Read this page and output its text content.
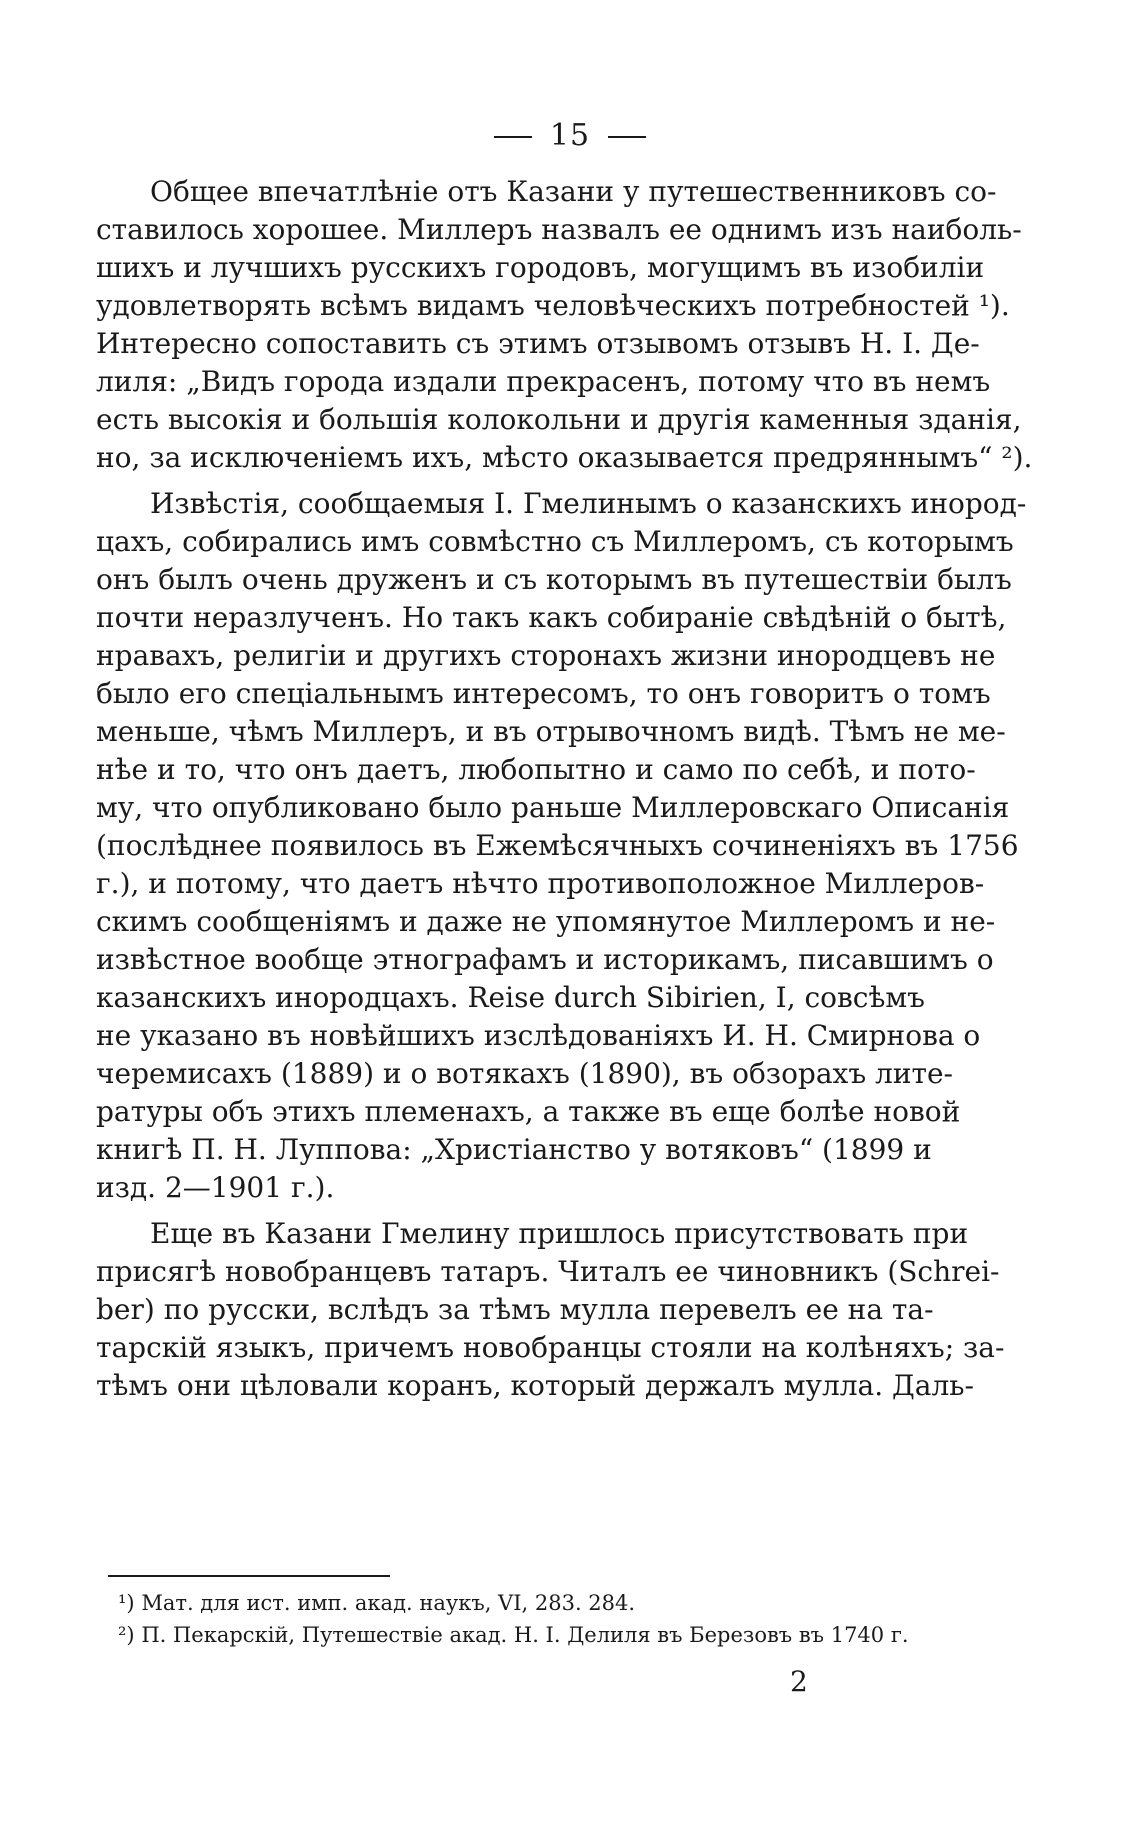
15
Общее впечатлѣніе отъ Казани у путешественниковъ со-
ставилось хорошее. Миллеръ назвалъ ее однимъ изъ наиболь-
шихъ и лучшихъ русскихъ городовъ, могущимъ въ изобиліи
удовлетворять всѣмъ видамъ человѣческихъ потребностей ¹).
Интересно сопоставить съ этимъ отзывомъ отзывъ Н. І. Де-
лиля: „Видъ города издали прекрасенъ, потому что въ немъ
есть высокія и большія колокольни и другія каменныя зданія,
но, за исключеніемъ ихъ, мѣсто оказывается предряннымъ“ ²).
Извѣстія, сообщаемыя І. Гмелинымъ о казанскихъ инород-
цахъ, собирались имъ совмѣстно съ Миллеромъ, съ которымъ
онъ былъ очень друженъ и съ которымъ въ путешествіи былъ
почти неразлученъ. Но такъ какъ собираніе свѣдѣній о бытѣ,
нравахъ, религіи и другихъ сторонахъ жизни инородцевъ не
было его спеціальнымъ интересомъ, то онъ говоритъ о томъ
меньше, чѣмъ Миллеръ, и въ отрывочномъ видѣ. Тѣмъ не ме-
нѣе и то, что онъ даетъ, любопытно и само по себѣ, и пото-
му, что опубликовано было раньше Миллеровскаго Описанія
(послѣднее появилось въ Ежемѣсячныхъ сочиненіяхъ въ 1756
г.), и потому, что даетъ нѣчто противоположное Миллеров-
скимъ сообщеніямъ и даже не упомянутое Миллеромъ и не-
извѣстное вообще этнографамъ и историкамъ, писавшимъ о
казанскихъ инородцахъ. Reise durch Sibirien, I, совсѣмъ
не указано въ новѣйшихъ изслѣдованіяхъ И. Н. Смирнова о
черемисахъ (1889) и о вотякахъ (1890), въ обзорахъ лите-
ратуры объ этихъ племенахъ, а также въ еще болѣе новой
книгѣ П. Н. Луппова: „Христіанство у вотяковъ“ (1899 и
изд. 2—1901 г.).
Еще въ Казани Гмелину пришлось присутствовать при
присягѣ новобранцевъ татаръ. Читалъ ее чиновникъ (Schrei-
ber) по русски, вслѣдъ за тѣмъ мулла перевелъ ее на та-
тарскій языкъ, причемъ новобранцы стояли на колѣняхъ; за-
тѣмъ они цѣловали коранъ, который держалъ мулла. Даль-
¹) Мат. для ист. имп. акад. наукъ, VI, 283. 284.
²) П. Пекарскій, Путешествіе акад. Н. І. Делиля въ Березовъ въ 1740 г.
2
